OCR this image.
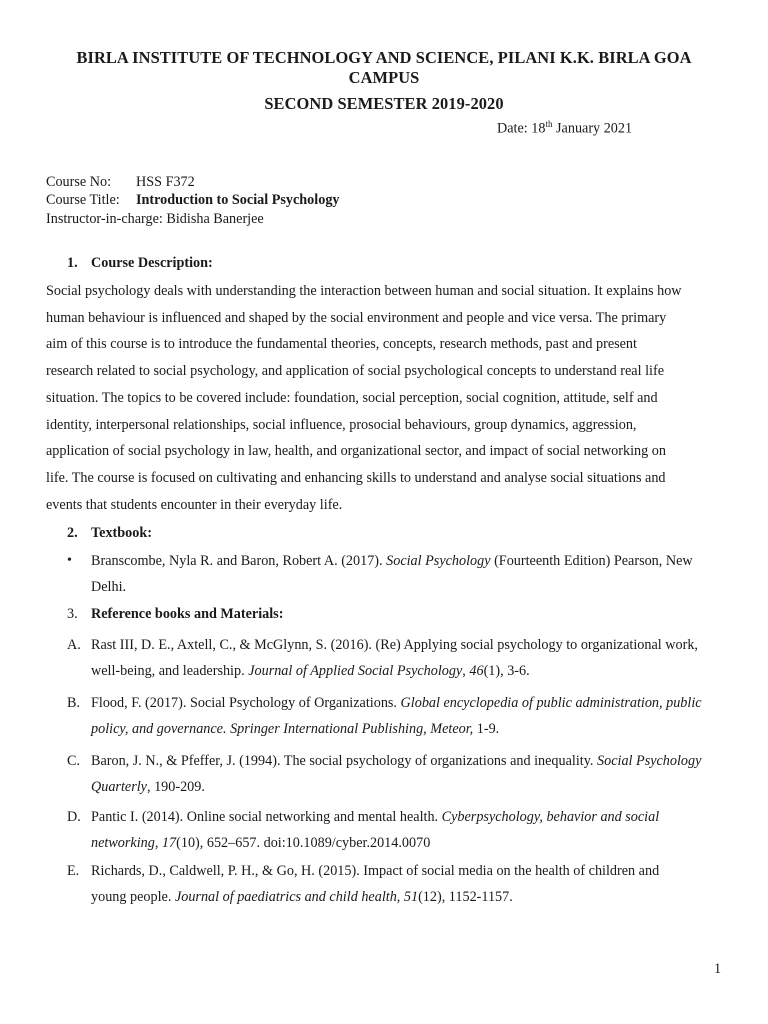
BIRLA INSTITUTE OF TECHNOLOGY AND SCIENCE, PILANI K.K. BIRLA GOA
CAMPUS
SECOND SEMESTER 2019-2020
Date: 18th January 2021
Course No: HSS F372
Course Title: Introduction to Social Psychology
Instructor-in-charge: Bidisha Banerjee
1. Course Description:

Social psychology deals with understanding the interaction between human and social situation. It explains how
human behaviour is influenced and shaped by the social environment and people and vice versa. The primary
aim of this course is to introduce the fundamental theories, concepts, research methods, past and present
research related to social psychology, and application of social psychological concepts to understand real life
situation. The topics to be covered include: foundation, social perception, social cognition, attitude, self and
identity, interpersonal relationships, social influence, prosocial behaviours, group dynamics, aggression,
application of social psychology in law, health, and organizational sector, and impact of social networking on
life. The course is focused on cultivating and enhancing skills to understand and analyse social situations and
events that students encounter in their everyday life.

2. Textbook:
•	Branscombe, Nyla R. and Baron, Robert A. (2017). Social Psychology (Fourteenth Edition) Pearson, New
Delhi.
3. Reference books and Materials:
A. Rast III, D. E., Axtell, C., & McGlynn, S. (2016). (Re) Applying social psychology to organizational work,
well-being, and leadership. Journal of Applied Social Psychology, 46(1), 3-6.
B. Flood, F. (2017). Social Psychology of Organizations. Global encyclopedia of public administration, public
policy, and governance. Springer International Publishing, Meteor, 1-9.
C. Baron, J. N., & Pfeffer, J. (1994). The social psychology of organizations and inequality. Social Psychology
Quarterly, 190-209.
D. Pantic I. (2014). Online social networking and mental health. Cyberpsychology, behavior and social
networking, 17(10), 652–657. doi:10.1089/cyber.2014.0070
E. Richards, D., Caldwell, P. H., & Go, H. (2015). Impact of social media on the health of children and
young people. Journal of paediatrics and child health, 51(12), 1152-1157.
1
